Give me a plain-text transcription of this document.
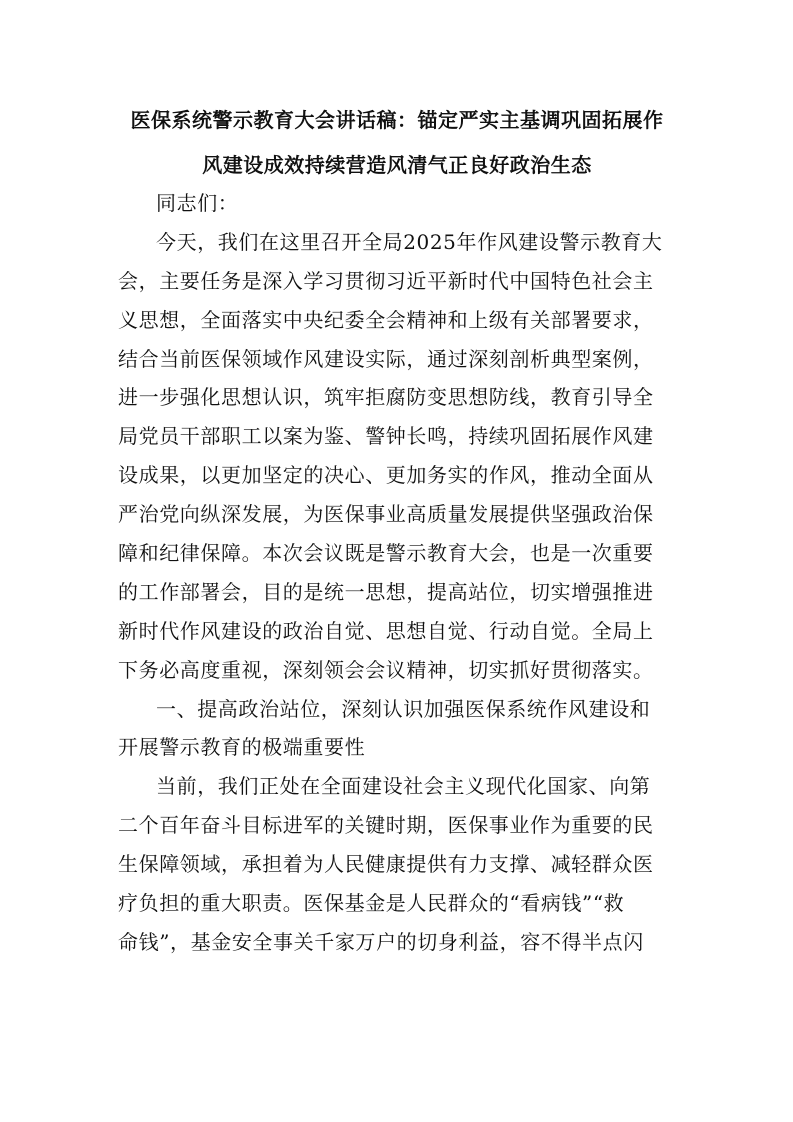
医保系统警示教育大会讲话稿：锚定严实主基调巩固拓展作
风建设成效持续营造风清气正良好政治生态
同志们：
今天，我们在这里召开全局2025年作风建设警示教育大
会，主要任务是深入学习贯彻习近平新时代中国特色社会主
义思想，全面落实中央纪委全会精神和上级有关部署要求，
结合当前医保领域作风建设实际，通过深刻剖析典型案例，
进一步强化思想认识，筑牢拒腐防变思想防线，教育引导全
局党员干部职工以案为鉴、警钟长鸣，持续巩固拓展作风建
设成果，以更加坚定的决心、更加务实的作风，推动全面从
严治党向纵深发展，为医保事业高质量发展提供坚强政治保
障和纪律保障。本次会议既是警示教育大会，也是一次重要
的工作部署会，目的是统一思想，提高站位，切实增强推进
新时代作风建设的政治自觉、思想自觉、行动自觉。全局上
下务必高度重视，深刻领会会议精神，切实抓好贯彻落实。
一、提高政治站位，深刻认识加强医保系统作风建设和
开展警示教育的极端重要性
当前，我们正处在全面建设社会主义现代化国家、向第
二个百年奋斗目标进军的关键时期，医保事业作为重要的民
生保障领域，承担着为人民健康提供有力支撑、减轻群众医
疗负担的重大职责。医保基金是人民群众的“看病钱”“救
命钱”，基金安全事关千家万户的切身利益，容不得半点闪
